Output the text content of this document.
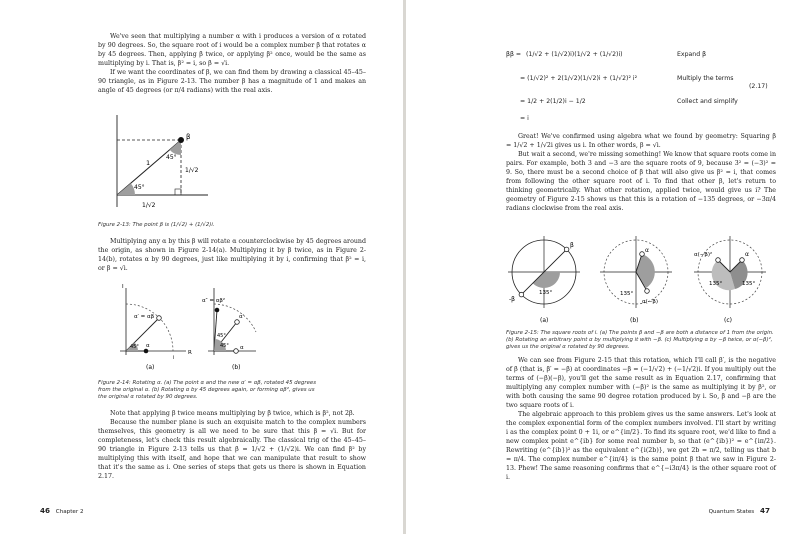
We've seen that multiplying a number α with i produces a version of α rotated by 90 degrees. So, the square root of i would be a complex number β that rotates α by 45 degrees. Then, applying β twice, or applying β² once, would be the same as multiplying by i. That is, β² = i, so β = √i.

If we want the coordinates of β, we can find them by drawing a classical 45–45–90 triangle, as in Figure 2-13. The number β has a magnitude of 1 and makes an angle of 45 degrees (or π/4 radians) with the real axis.

β
45°
1
1/√2
45°
1/√2
Figure 2-13: The point β is (1/√2) + (1/√2)i.

Multiplying any α by this β will rotate α counterclockwise by 45 degrees around the origin, as shown in Figure 2-14(a). Multiplying it by β twice, as in Figure 2-14(b), rotates α by 90 degrees, just like multiplying it by i, confirming that β² = i, or β = √i.

I
R
α′ = αβ
45° α
i
(a)
α″ = αβ²
α′
45°
45° α
(b)
Figure 2-14: Rotating α. (a) The point α and the new α′ = αβ, rotated 45 degrees from the original α. (b) Rotating α by 45 degrees again, or forming αβ², gives us the original α rotated by 90 degrees.

Note that applying β twice means multiplying by β twice, which is β², not 2β.

Because the number plane is such an exquisite match to the complex numbers themselves, this geometry is all we need to be sure that this β = √i. But for completeness, let's check this result algebraically. The classical trig of the 45–45–90 triangle in Figure 2-13 tells us that β = 1/√2 + (1/√2)i. We can find β² by multiplying this with itself, and hope that we can manipulate that result to show that it's the same as i. One series of steps that gets us there is shown in Equation 2.17.

46 Chapter 2
ββ = (1/√2 + (1/√2)i)(1/√2 + (1/√2)i)	Expand β
= (1/√2)² + 2(1/√2)(1/√2)i + (1/√2)² i²	Multiply the terms
(2.17)
= 1/2 + 2(1/2)i − 1/2	Collect and simplify
= i

Great! We've confirmed using algebra what we found by geometry: Squaring β = 1/√2 + 1/√2i gives us i. In other words, β = √i.

But wait a second, we're missing something! We know that square roots come in pairs. For example, both 3 and −3 are the square roots of 9, because 3² = (−3)² = 9. So, there must be a second choice of β that will also give us β² = i, that comes from following the other square root of i. To find that other β, let's return to thinking geometrically. What other rotation, applied twice, would give us i? The geometry of Figure 2-15 shows us that this is a rotation of −135 degrees, or −3π/4 radians clockwise from the real axis.

β
-β
135°
(a)
α
135°
α(−β)
(b)
α(−β)²	α
135°	135°
(c)
Figure 2-15: The square roots of i. (a) The points β and −β are both a distance of 1 from the origin. (b) Rotating an arbitrary point α by multiplying it with −β. (c) Multiplying α by −β twice, or α(−β)², gives us the original α rotated by 90 degrees.

We can see from Figure 2-15 that this rotation, which I'll call β′, is the negative of β (that is, β′ = −β) at coordinates −β = (−1/√2) + (−1/√2)i. If you multiply out the terms of (−β)(−β), you'll get the same result as in Equation 2.17, confirming that multiplying any complex number with (−β)² is the same as multiplying it by β², or with both causing the same 90 degree rotation produced by i. So, β and −β are the two square roots of i.

The algebraic approach to this problem gives us the same answers. Let's look at the complex exponential form of the complex numbers involved. I'll start by writing i as the complex point 0 + 1i, or e^{iπ/2}. To find its square root, we'd like to find a new complex point e^{ib} for some real number b, so that (e^{ib})² = e^{iπ/2}. Rewriting (e^{ib})² as the equivalent e^{i(2b)}, we get 2b = π/2, telling us that b = π/4. The complex number e^{iπ/4} is the same point β that we saw in Figure 2-13. Phew! The same reasoning confirms that e^{−i3π/4} is the other square root of i.

Quantum States 47
